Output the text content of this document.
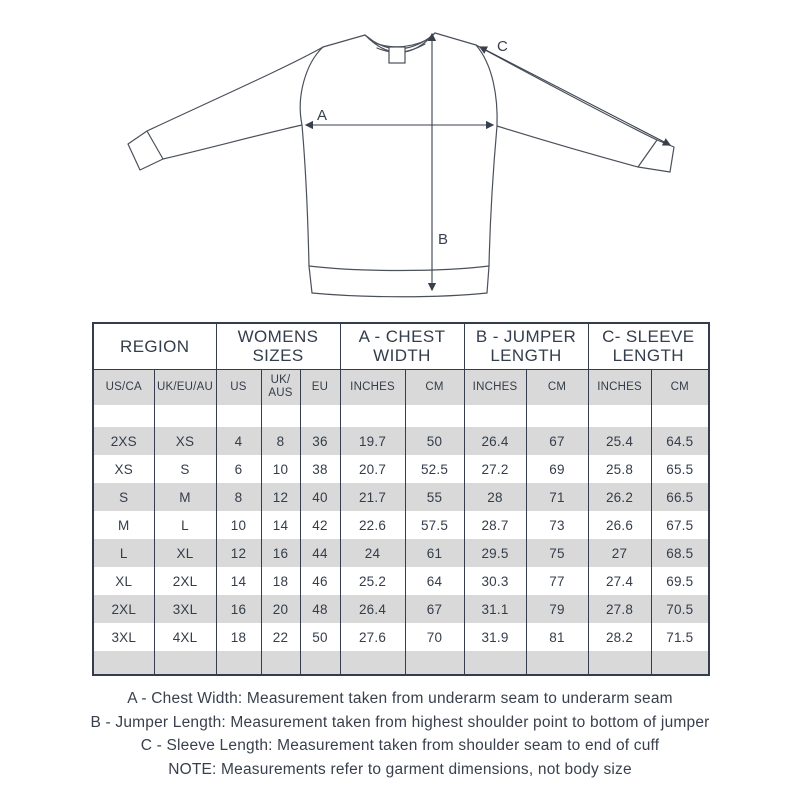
A
B
C
REGION		WOMENS SIZES			A - CHEST WIDTH		B - JUMPER LENGTH		C- SLEEVE LENGTH	
US/CA	UK/EU/AU	US	UK/ AUS	EU	INCHES	CM	INCHES	CM	INCHES	CM

2XS	XS	4	8	36	19.7	50	26.4	67	25.4	64.5
XS	S	6	10	38	20.7	52.5	27.2	69	25.8	65.5
S	M	8	12	40	21.7	55	28	71	26.2	66.5
M	L	10	14	42	22.6	57.5	28.7	73	26.6	67.5
L	XL	12	16	44	24	61	29.5	75	27	68.5
XL	2XL	14	18	46	25.2	64	30.3	77	27.4	69.5
2XL	3XL	16	20	48	26.4	67	31.1	79	27.8	70.5
3XL	4XL	18	22	50	27.6	70	31.9	81	28.2	71.5

A - Chest Width: Measurement taken from underarm seam to underarm seam
B - Jumper Length: Measurement taken from highest shoulder point to bottom of jumper
C - Sleeve Length: Measurement taken from shoulder seam to end of cuff
NOTE: Measurements refer to garment dimensions, not body size
